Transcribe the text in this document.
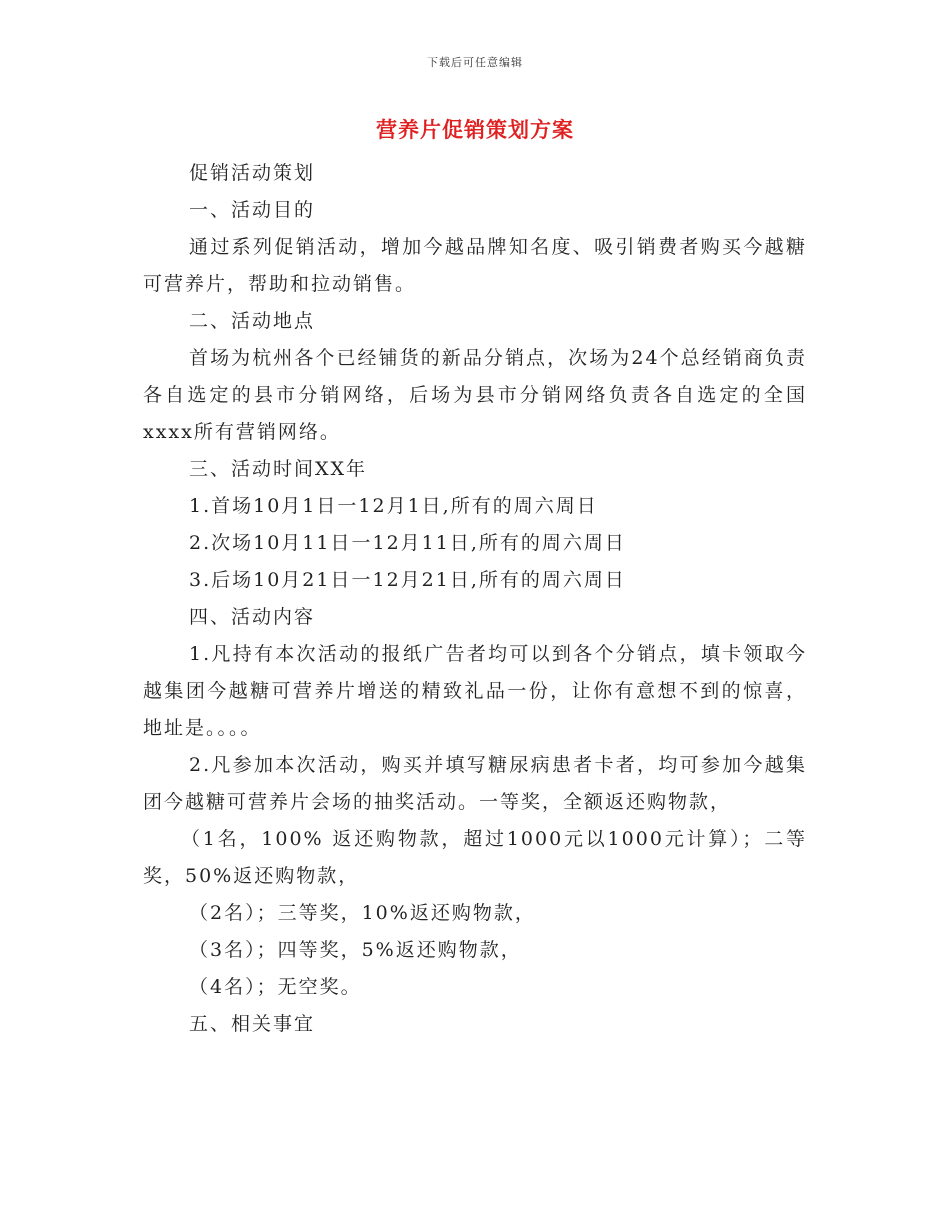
下载后可任意编辑
营养片促销策划方案

促销活动策划

一、活动目的

通过系列促销活动，增加今越品牌知名度、吸引销费者购买今越糖可营养片，帮助和拉动销售。

二、活动地点

首场为杭州各个已经铺货的新品分销点，次场为24个总经销商负责各自选定的县市分销网络，后场为县市分销网络负责各自选定的全国xxxx所有营销网络。

三、活动时间XX年

1.首场10月1日一12月1日,所有的周六周日

2.次场10月11日一12月11日,所有的周六周日

3.后场10月21日一12月21日,所有的周六周日

四、活动内容

1.凡持有本次活动的报纸广告者均可以到各个分销点，填卡领取今越集团今越糖可营养片增送的精致礼品一份，让你有意想不到的惊喜，地址是。。。。

2.凡参加本次活动，购买并填写糖尿病患者卡者，均可参加今越集团今越糖可营养片会场的抽奖活动。一等奖，全额返还购物款，

（1名，100% 返还购物款，超过1000元以1000元计算）；二等奖，50%返还购物款，

（2名）；三等奖，10%返还购物款，

（3名）；四等奖，5%返还购物款，

（4名）；无空奖。

五、相关事宜
